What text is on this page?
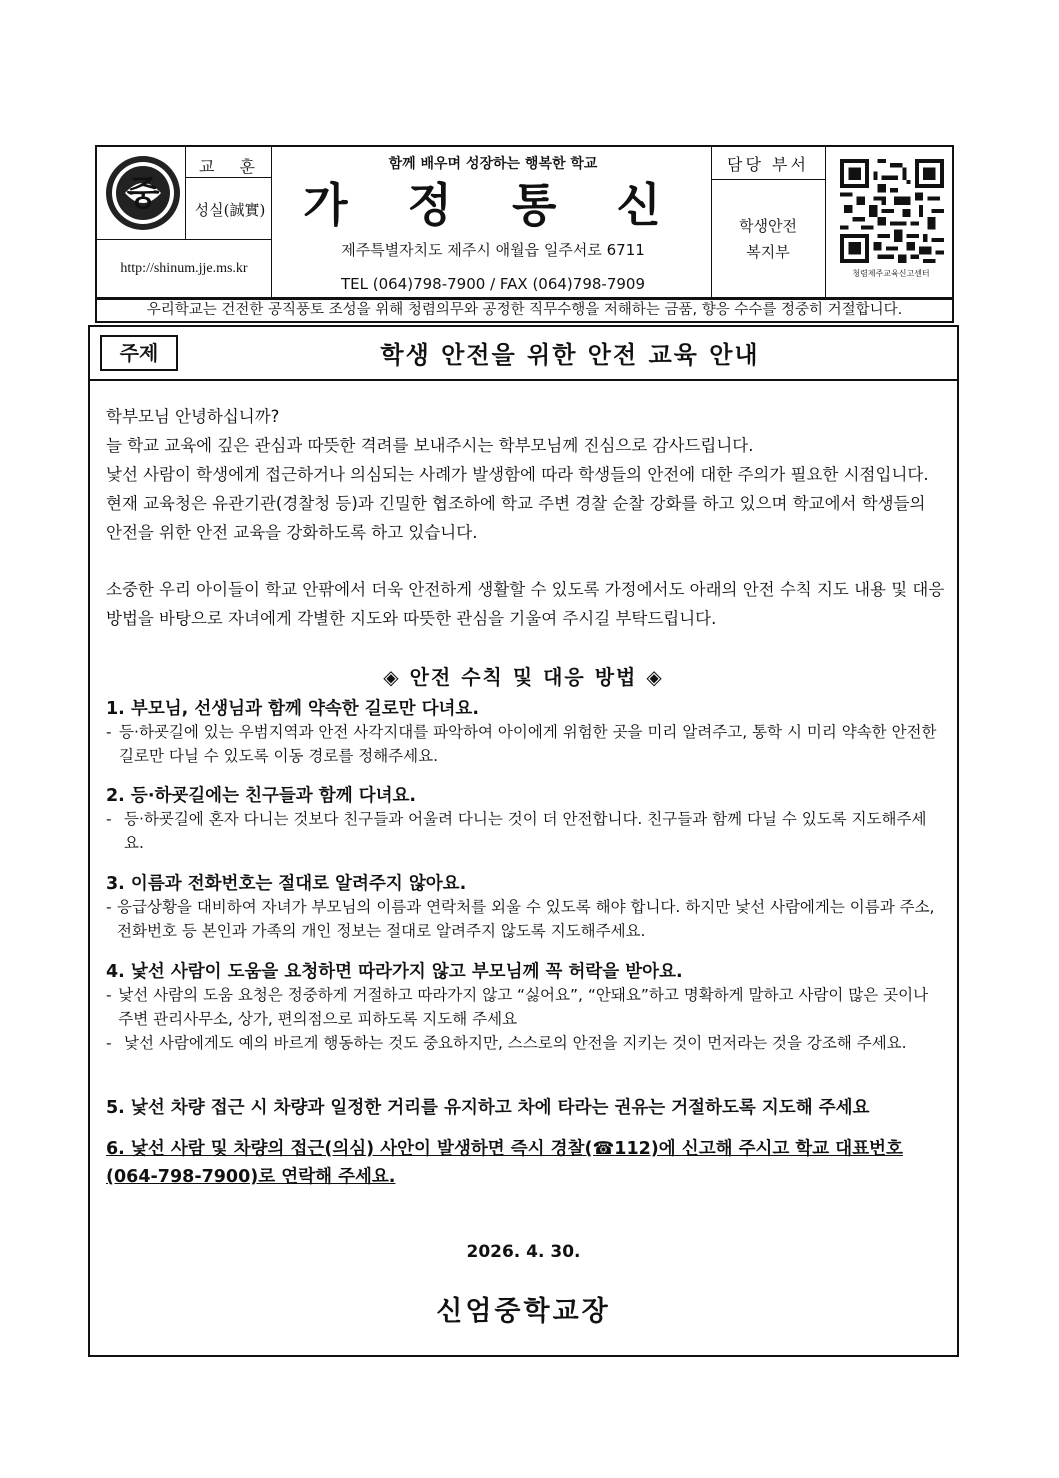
중
교 훈
성실(誠實)
http://shinum.jje.ms.kr
함께 배우며 성장하는 행복한 학교
가 정 통 신
제주특별자치도 제주시 애월읍 일주서로 6711
TEL (064)798-7900 / FAX (064)798-7909
담당 부서
학생안전
복지부
청렴제주교육신고센터
우리학교는 건전한 공직풍토 조성을 위해 청렴의무와 공정한 직무수행을 저해하는 금품, 향응 수수를 정중히 거절합니다.
주제	학생 안전을 위한 안전 교육 안내
학부모님 안녕하십니까?
늘 학교 교육에 깊은 관심과 따뜻한 격려를 보내주시는 학부모님께 진심으로 감사드립니다.
낯선 사람이 학생에게 접근하거나 의심되는 사례가 발생함에 따라 학생들의 안전에 대한 주의가 필요한 시점입니다. 현재 교육청은 유관기관(경찰청 등)과 긴밀한 협조하에 학교 주변 경찰 순찰 강화를 하고 있으며 학교에서 학생들의 안전을 위한 안전 교육을 강화하도록 하고 있습니다.
소중한 우리 아이들이 학교 안팎에서 더욱 안전하게 생활할 수 있도록 가정에서도 아래의 안전 수칙 지도 내용 및 대응 방법을 바탕으로 자녀에게 각별한 지도와 따뜻한 관심을 기울여 주시길 부탁드립니다.
◈ 안전 수칙 및 대응 방법 ◈
1. 부모님, 선생님과 함께 약속한 길로만 다녀요.
- 등·하굣길에 있는 우범지역과 안전 사각지대를 파악하여 아이에게 위험한 곳을 미리 알려주고, 통학 시 미리 약속한 안전한 길로만 다닐 수 있도록 이동 경로를 정해주세요.
2. 등·하굣길에는 친구들과 함께 다녀요.
- 등·하굣길에 혼자 다니는 것보다 친구들과 어울려 다니는 것이 더 안전합니다. 친구들과 함께 다닐 수 있도록 지도해주세요.
3. 이름과 전화번호는 절대로 알려주지 않아요.
- 응급상황을 대비하여 자녀가 부모님의 이름과 연락처를 외울 수 있도록 해야 합니다. 하지만 낯선 사람에게는 이름과 주소, 전화번호 등 본인과 가족의 개인 정보는 절대로 알려주지 않도록 지도해주세요.
4. 낯선 사람이 도움을 요청하면 따라가지 않고 부모님께 꼭 허락을 받아요.
- 낯선 사람의 도움 요청은 정중하게 거절하고 따라가지 않고 “싫어요”, “안돼요”하고 명확하게 말하고 사람이 많은 곳이나 주변 관리사무소, 상가, 편의점으로 피하도록 지도해 주세요
- 낯선 사람에게도 예의 바르게 행동하는 것도 중요하지만, 스스로의 안전을 지키는 것이 먼저라는 것을 강조해 주세요.
5. 낯선 차량 접근 시 차량과 일정한 거리를 유지하고 차에 타라는 권유는 거절하도록 지도해 주세요
6. 낯선 사람 및 차량의 접근(의심) 사안이 발생하면 즉시 경찰(☎112)에 신고해 주시고 학교 대표번호(064-798-7900)로 연락해 주세요.
2026. 4. 30.
신엄중학교장
